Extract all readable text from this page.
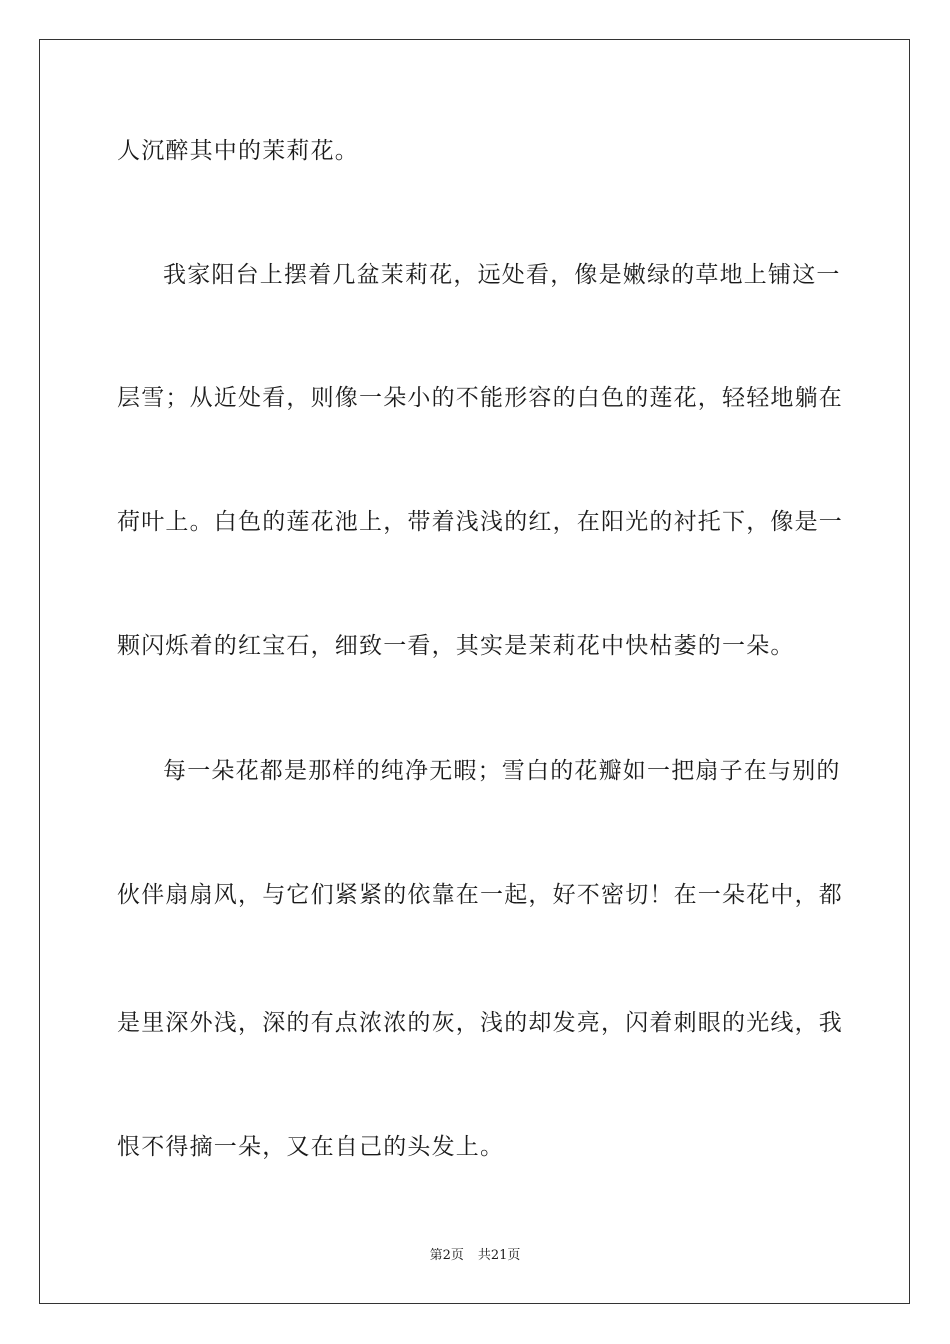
人沉醉其中的茉莉花。
我家阳台上摆着几盆茉莉花，远处看，像是嫩绿的草地上铺这一
层雪；从近处看，则像一朵小的不能形容的白色的莲花，轻轻地躺在
荷叶上。白色的莲花池上，带着浅浅的红，在阳光的衬托下，像是一
颗闪烁着的红宝石，细致一看，其实是茉莉花中快枯萎的一朵。
每一朵花都是那样的纯净无暇；雪白的花瓣如一把扇子在与别的
伙伴扇扇风，与它们紧紧的依靠在一起，好不密切！在一朵花中，都
是里深外浅，深的有点浓浓的灰，浅的却发亮，闪着刺眼的光线，我
恨不得摘一朵，又在自己的头发上。
第2页 共21页
